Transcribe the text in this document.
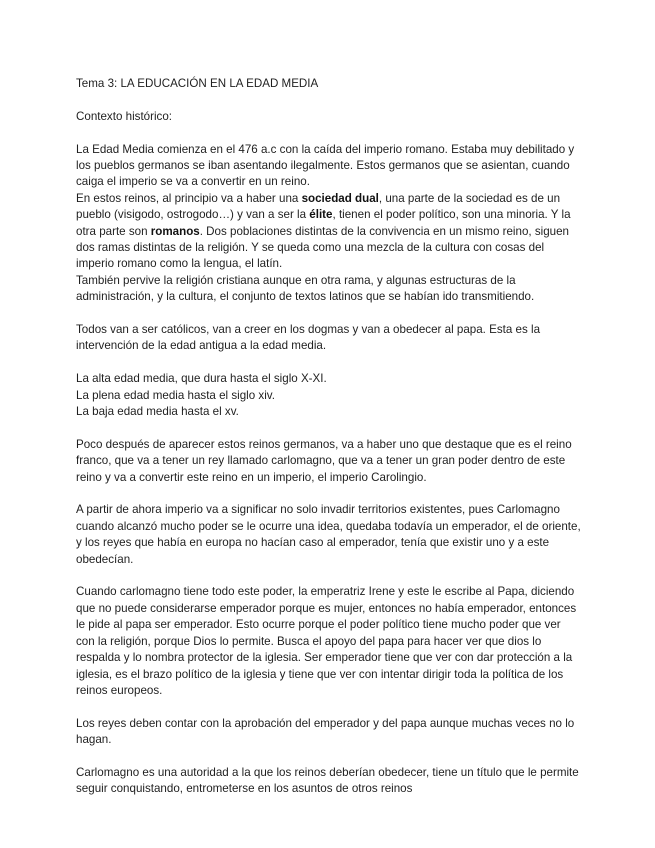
Tema 3: LA EDUCACIÓN EN LA EDAD MEDIA

Contexto histórico:

La Edad Media comienza en el 476 a.c con la caída del imperio romano. Estaba muy debilitado y los pueblos germanos se iban asentando ilegalmente. Estos germanos que se asientan, cuando caiga el imperio se va a convertir en un reino.

En estos reinos, al principio va a haber una sociedad dual, una parte de la sociedad es de un pueblo (visigodo, ostrogodo…) y van a ser la élite, tienen el poder político, son una minoria. Y la otra parte son romanos. Dos poblaciones distintas de la convivencia en un mismo reino, siguen dos ramas distintas de la religión. Y se queda como una mezcla de la cultura con cosas del imperio romano como la lengua, el latín.

También pervive la religión cristiana aunque en otra rama, y algunas estructuras de la administración, y la cultura, el conjunto de textos latinos que se habían ido transmitiendo.

Todos van a ser católicos, van a creer en los dogmas y van a obedecer al papa. Esta es la intervención de la edad antigua a la edad media.

La alta edad media, que dura hasta el siglo X-XI.

La plena edad media hasta el siglo xiv.

La baja edad media hasta el xv.

Poco después de aparecer estos reinos germanos, va a haber uno que destaque que es el reino franco, que va a tener un rey llamado carlomagno, que va a tener un gran poder dentro de este reino y va a convertir este reino en un imperio, el imperio Carolingio.

A partir de ahora imperio va a significar no solo invadir territorios existentes, pues Carlomagno cuando alcanzó mucho poder se le ocurre una idea, quedaba todavía un emperador, el de oriente, y los reyes que había en europa no hacían caso al emperador, tenía que existir uno y a este obedecían.

Cuando carlomagno tiene todo este poder, la emperatriz Irene y este le escribe al Papa, diciendo que no puede considerarse emperador porque es mujer, entonces no había emperador, entonces le pide al papa ser emperador. Esto ocurre porque el poder político tiene mucho poder que ver con la religión, porque Dios lo permite. Busca el apoyo del papa para hacer ver que dios lo respalda y lo nombra protector de la iglesia. Ser emperador tiene que ver con dar protección a la iglesia, es el brazo político de la iglesia y tiene que ver con intentar dirigir toda la política de los reinos europeos.

Los reyes deben contar con la aprobación del emperador y del papa aunque muchas veces no lo hagan.

Carlomagno es una autoridad a la que los reinos deberían obedecer, tiene un título que le permite seguir conquistando, entrometerse en los asuntos de otros reinos
